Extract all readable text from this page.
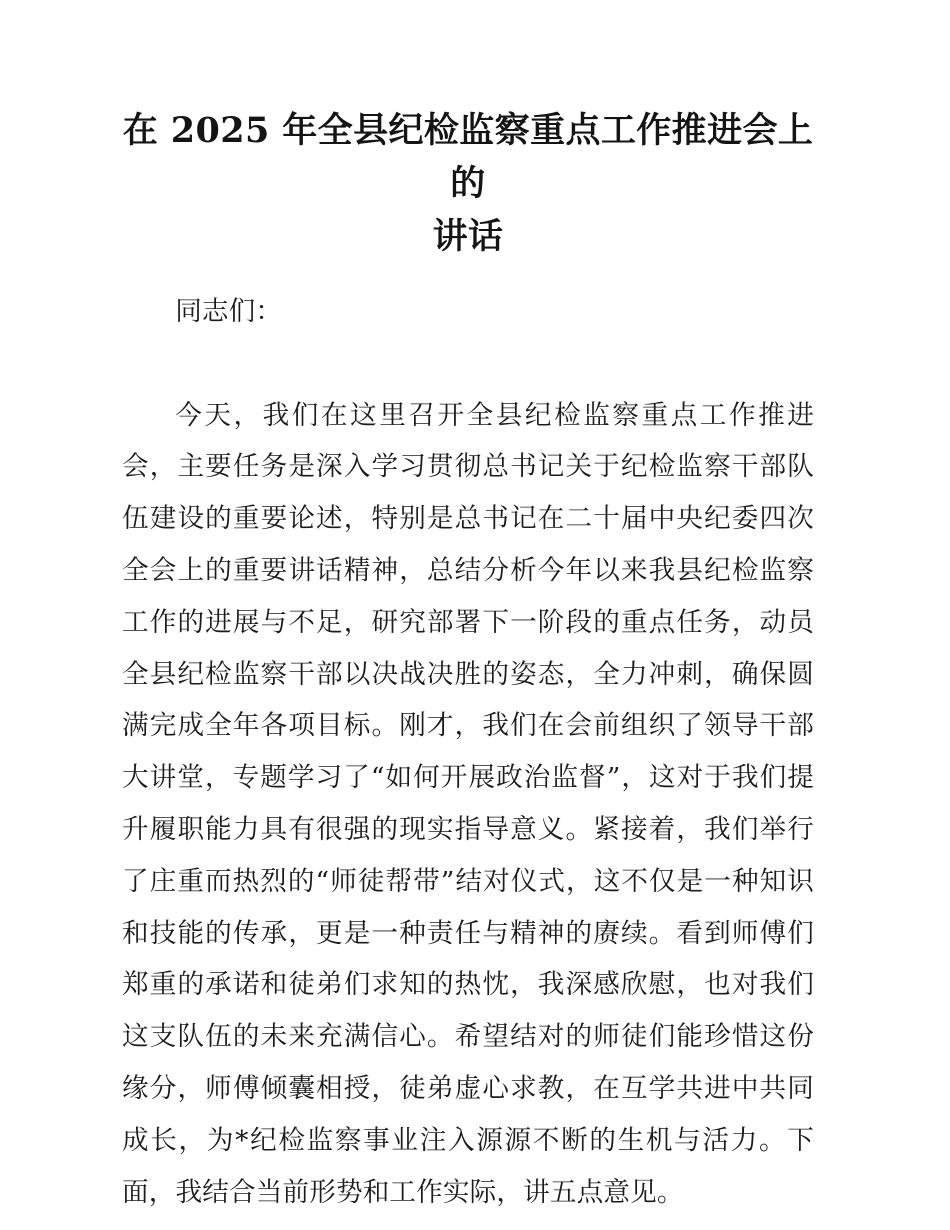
在 2025 年全县纪检监察重点工作推进会上的
讲话

同志们：

今天，我们在这里召开全县纪检监察重点工作推进会，主要任务是深入学习贯彻总书记关于纪检监察干部队伍建设的重要论述，特别是总书记在二十届中央纪委四次全会上的重要讲话精神，总结分析今年以来我县纪检监察工作的进展与不足，研究部署下一阶段的重点任务，动员全县纪检监察干部以决战决胜的姿态，全力冲刺，确保圆满完成全年各项目标。刚才，我们在会前组织了领导干部大讲堂，专题学习了“如何开展政治监督”，这对于我们提升履职能力具有很强的现实指导意义。紧接着，我们举行了庄重而热烈的“师徒帮带”结对仪式，这不仅是一种知识和技能的传承，更是一种责任与精神的赓续。看到师傅们郑重的承诺和徒弟们求知的热忱，我深感欣慰，也对我们这支队伍的未来充满信心。希望结对的师徒们能珍惜这份缘分，师傅倾囊相授，徒弟虚心求教，在互学共进中共同成长，为*纪检监察事业注入源源不断的生机与活力。下面，我结合当前形势和工作实际，讲五点意见。
